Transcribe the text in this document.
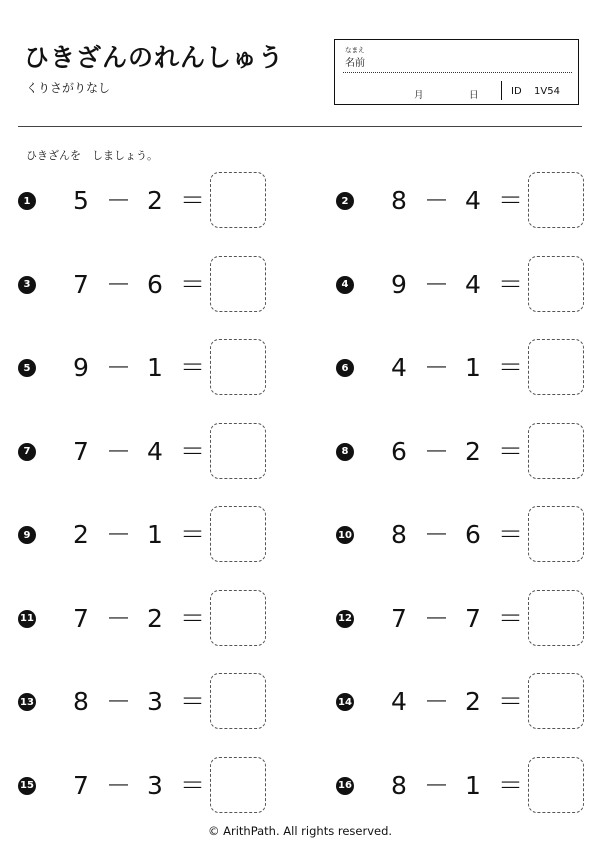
ひきざんのれんしゅう
くりさがりなし
なまえ
名前
月	日	ID 1V54
ひきざんを　しましょう。
1 5 － 2 ＝	2 8 － 4 ＝
3 7 － 6 ＝	4 9 － 4 ＝
5 9 － 1 ＝	6 4 － 1 ＝
7 7 － 4 ＝	8 6 － 2 ＝
9 2 － 1 ＝	10 8 － 6 ＝
11 7 － 2 ＝	12 7 － 7 ＝
13 8 － 3 ＝	14 4 － 2 ＝
15 7 － 3 ＝	16 8 － 1 ＝
© ArithPath. All rights reserved.
